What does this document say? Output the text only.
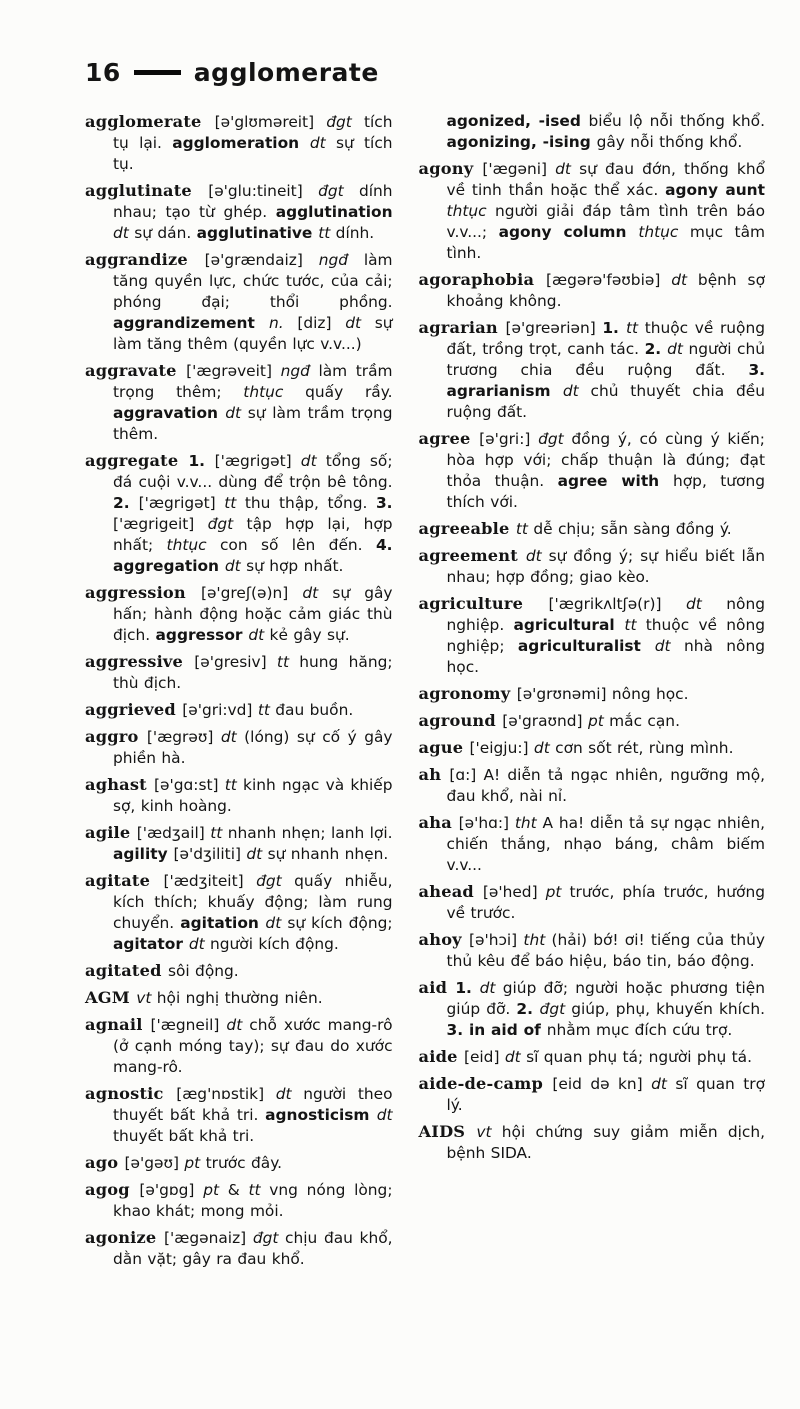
16	agglomerate

agglomerate [ə'glʊməreit] đgt tích tụ lại. agglomeration dt sự tích tụ.

agglutinate [ə'glu:tineit] đgt dính nhau; tạo từ ghép. agglutination dt sự dán. agglutinative tt dính.

aggrandize [ə'grændaiz] ngđ làm tăng quyền lực, chức tước, của cải; phóng đại; thổi phồng. aggrandizement n. [diz] dt sự làm tăng thêm (quyền lực v.v...)

aggravate ['ægrəveit] ngđ làm trầm trọng thêm; thtục quấy rầy. aggravation dt sự làm trầm trọng thêm.

aggregate 1. ['ægrigət] dt tổng số; đá cuội v.v... dùng để trộn bê tông. 2. ['ægrigət] tt thu thập, tổng. 3. ['ægrigeit] đgt tập hợp lại, hợp nhất; thtục con số lên đến. 4. aggregation dt sự hợp nhất.

aggression [ə'greʃ(ə)n] dt sự gây hấn; hành động hoặc cảm giác thù địch. aggressor dt kẻ gây sự.

aggressive [ə'gresiv] tt hung hăng; thù địch.

aggrieved [ə'gri:vd] tt đau buồn.

aggro ['ægrəʊ] dt (lóng) sự cố ý gây phiền hà.

aghast [ə'gɑ:st] tt kinh ngạc và khiếp sợ, kinh hoàng.

agile ['ædʒail] tt nhanh nhẹn; lanh lợi. agility [ə'dʒiliti] dt sự nhanh nhẹn.

agitate ['ædʒiteit] đgt quấy nhiễu, kích thích; khuấy động; làm rung chuyển. agitation dt sự kích động; agitator dt người kích động.

agitated sôi động.

AGM vt hội nghị thường niên.

agnail ['ægneil] dt chỗ xước mang-rô (ở cạnh móng tay); sự đau do xước mang-rô.

agnostic [æg'nɒstik] dt người theo thuyết bất khả tri. agnosticism dt thuyết bất khả tri.

ago [ə'gəʊ] pt trước đây.

agog [ə'gɒg] pt & tt vng nóng lòng; khao khát; mong mỏi.

agonize ['ægənaiz] đgt chịu đau khổ, dằn vặt; gây ra đau khổ.

agonized, -ised biểu lộ nỗi thống khổ. agonizing, -ising gây nỗi thống khổ.

agony ['ægəni] dt sự đau đớn, thống khổ về tinh thần hoặc thể xác. agony aunt thtục người giải đáp tâm tình trên báo v.v...; agony column thtục mục tâm tình.

agoraphobia [ægərə'fəʊbiə] dt bệnh sợ khoảng không.

agrarian [ə'greəriən] 1. tt thuộc về ruộng đất, trồng trọt, canh tác. 2. dt người chủ trương chia đều ruộng đất. 3. agrarianism dt chủ thuyết chia đều ruộng đất.

agree [ə'gri:] đgt đồng ý, có cùng ý kiến; hòa hợp với; chấp thuận là đúng; đạt thỏa thuận. agree with hợp, tương thích với.

agreeable tt dễ chịu; sẵn sàng đồng ý.

agreement dt sự đồng ý; sự hiểu biết lẫn nhau; hợp đồng; giao kèo.

agriculture ['ægrikʌltʃə(r)] dt nông nghiệp. agricultural tt thuộc về nông nghiệp; agriculturalist dt nhà nông học.

agronomy [ə'grʊnəmi] nông học.

aground [ə'graʊnd] pt mắc cạn.

ague ['eigju:] dt cơn sốt rét, rùng mình.

ah [ɑ:] A! diễn tả ngạc nhiên, ngưỡng mộ, đau khổ, nài nỉ.

aha [ə'hɑ:] tht A ha! diễn tả sự ngạc nhiên, chiến thắng, nhạo báng, châm biếm v.v...

ahead [ə'hed] pt trước, phía trước, hướng về trước.

ahoy [ə'hɔi] tht (hải) bớ! ơi! tiếng của thủy thủ kêu để báo hiệu, báo tin, báo động.

aid 1. dt giúp đỡ; người hoặc phương tiện giúp đỡ. 2. đgt giúp, phụ, khuyến khích. 3. in aid of nhằm mục đích cứu trợ.

aide [eid] dt sĩ quan phụ tá; người phụ tá.

aide-de-camp [eid də kn] dt sĩ quan trợ lý.

AIDS vt hội chứng suy giảm miễn dịch, bệnh SIDA.
